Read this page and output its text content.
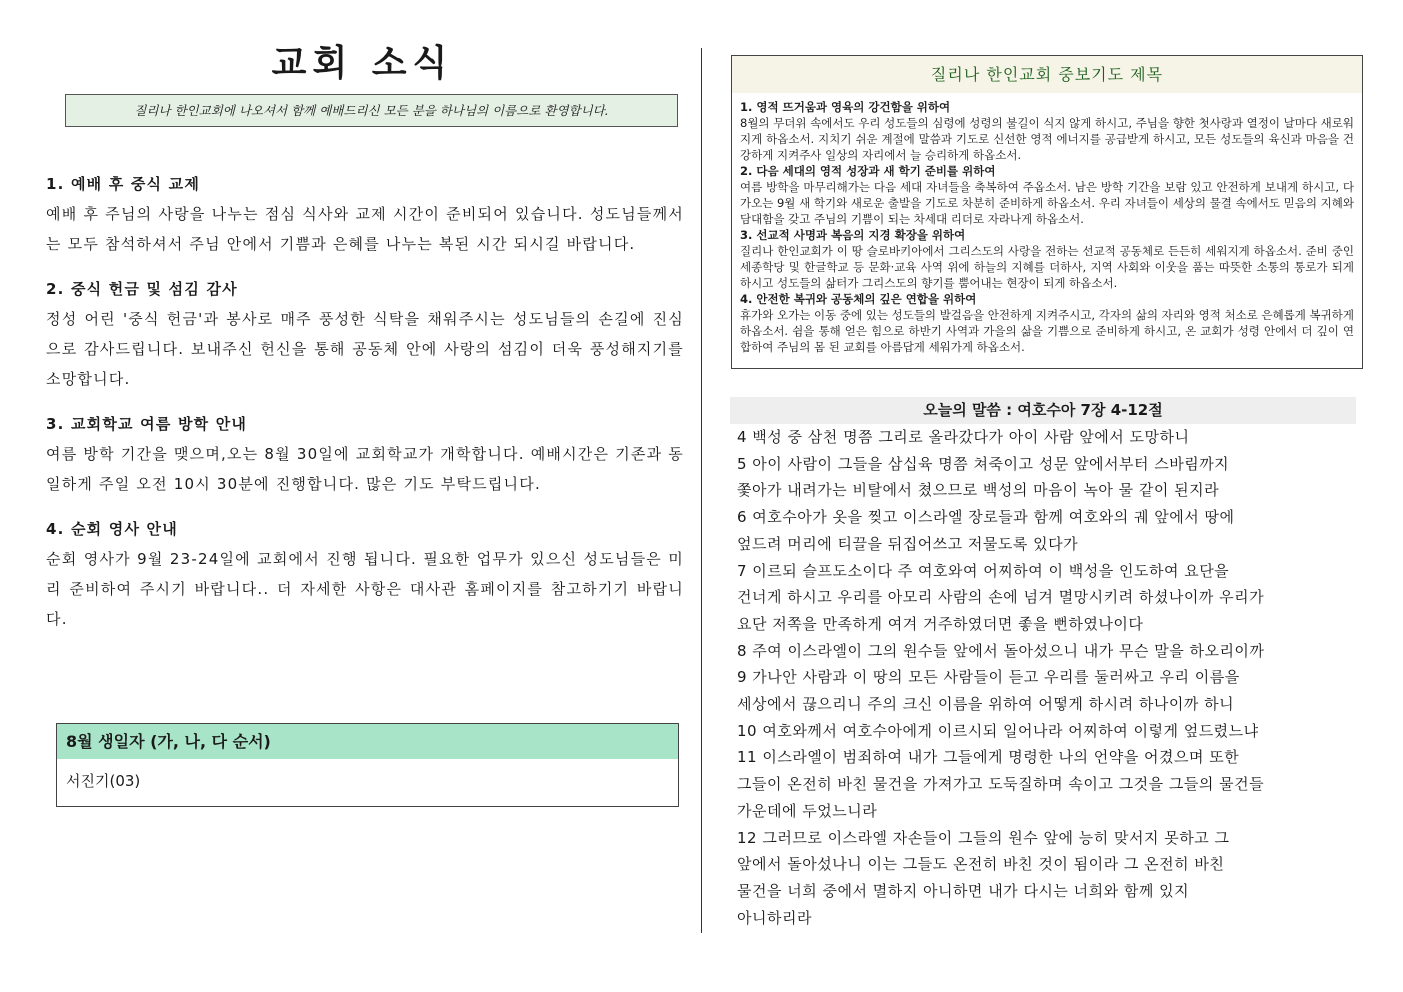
교회 소식
질리나 한인교회에 나오셔서 함께 예배드리신 모든 분을 하나님의 이름으로 환영합니다.
1. 예배 후 중식 교제

예배 후 주님의 사랑을 나누는 점심 식사와 교제 시간이 준비되어 있습니다. 성도님들께서는 모두 참석하셔서 주님 안에서 기쁨과 은혜를 나누는 복된 시간 되시길 바랍니다.

2. 중식 헌금 및 섬김 감사

정성 어린 '중식 헌금'과 봉사로 매주 풍성한 식탁을 채워주시는 성도님들의 손길에 진심으로 감사드립니다. 보내주신 헌신을 통해 공동체 안에 사랑의 섬김이 더욱 풍성해지기를 소망합니다.

3. 교회학교 여름 방학 안내

여름 방학 기간을 맺으며,오는 8월 30일에 교회학교가 개학합니다. 예배시간은 기존과 동일하게 주일 오전 10시 30분에 진행합니다. 많은 기도 부탁드립니다.

4. 순회 영사 안내

순회 영사가 9월 23-24일에 교회에서 진행 됩니다. 필요한 업무가 있으신 성도님들은 미리 준비하여 주시기 바랍니다.. 더 자세한 사항은 대사관 홈페이지를 참고하기기 바랍니다.

8월 생일자 (가, 나, 다 순서)
서진기(03)
질리나 한인교회 중보기도 제목

1. 영적 뜨거움과 영육의 강건함을 위하여

8월의 무더위 속에서도 우리 성도들의 심령에 성령의 불길이 식지 않게 하시고, 주님을 향한 첫사랑과 열정이 날마다 새로워지게 하옵소서. 지치기 쉬운 계절에 말씀과 기도로 신선한 영적 에너지를 공급받게 하시고, 모든 성도들의 육신과 마음을 건강하게 지켜주사 일상의 자리에서 늘 승리하게 하옵소서.

2. 다음 세대의 영적 성장과 새 학기 준비를 위하여

여름 방학을 마무리해가는 다음 세대 자녀들을 축복하여 주옵소서. 남은 방학 기간을 보람 있고 안전하게 보내게 하시고, 다가오는 9월 새 학기와 새로운 출발을 기도로 차분히 준비하게 하옵소서. 우리 자녀들이 세상의 물결 속에서도 믿음의 지혜와 담대함을 갖고 주님의 기쁨이 되는 차세대 리더로 자라나게 하옵소서.

3. 선교적 사명과 복음의 지경 확장을 위하여

질리나 한인교회가 이 땅 슬로바키아에서 그리스도의 사랑을 전하는 선교적 공동체로 든든히 세워지게 하옵소서. 준비 중인 세종학당 및 한글학교 등 문화·교육 사역 위에 하늘의 지혜를 더하사, 지역 사회와 이웃을 품는 따뜻한 소통의 통로가 되게 하시고 성도들의 삶터가 그리스도의 향기를 뿜어내는 현장이 되게 하옵소서.

4. 안전한 복귀와 공동체의 깊은 연합을 위하여

휴가와 오가는 이동 중에 있는 성도들의 발걸음을 안전하게 지켜주시고, 각자의 삶의 자리와 영적 처소로 은혜롭게 복귀하게 하옵소서. 쉼을 통해 얻은 힘으로 하반기 사역과 가을의 삶을 기쁨으로 준비하게 하시고, 온 교회가 성령 안에서 더 깊이 연합하여 주님의 몸 된 교회를 아름답게 세워가게 하옵소서.

오늘의 말씀 : 여호수아 7장 4-12절

4 백성 중 삼천 명쯤 그리로 올라갔다가 아이 사람 앞에서 도망하니

5 아이 사람이 그들을 삼십육 명쯤 쳐죽이고 성문 앞에서부터 스바림까지

쫓아가 내려가는 비탈에서 쳤으므로 백성의 마음이 녹아 물 같이 된지라

6 여호수아가 옷을 찢고 이스라엘 장로들과 함께 여호와의 궤 앞에서 땅에

엎드려 머리에 티끌을 뒤집어쓰고 저물도록 있다가

7 이르되 슬프도소이다 주 여호와여 어찌하여 이 백성을 인도하여 요단을

건너게 하시고 우리를 아모리 사람의 손에 넘겨 멸망시키려 하셨나이까 우리가

요단 저쪽을 만족하게 여겨 거주하였더면 좋을 뻔하였나이다

8 주여 이스라엘이 그의 원수들 앞에서 돌아섰으니 내가 무슨 말을 하오리이까

9 가나안 사람과 이 땅의 모든 사람들이 듣고 우리를 둘러싸고 우리 이름을

세상에서 끊으리니 주의 크신 이름을 위하여 어떻게 하시려 하나이까 하니

10 여호와께서 여호수아에게 이르시되 일어나라 어찌하여 이렇게 엎드렸느냐

11 이스라엘이 범죄하여 내가 그들에게 명령한 나의 언약을 어겼으며 또한

그들이 온전히 바친 물건을 가져가고 도둑질하며 속이고 그것을 그들의 물건들

가운데에 두었느니라

12 그러므로 이스라엘 자손들이 그들의 원수 앞에 능히 맞서지 못하고 그

앞에서 돌아섰나니 이는 그들도 온전히 바친 것이 됨이라 그 온전히 바친

물건을 너희 중에서 멸하지 아니하면 내가 다시는 너희와 함께 있지

아니하리라
